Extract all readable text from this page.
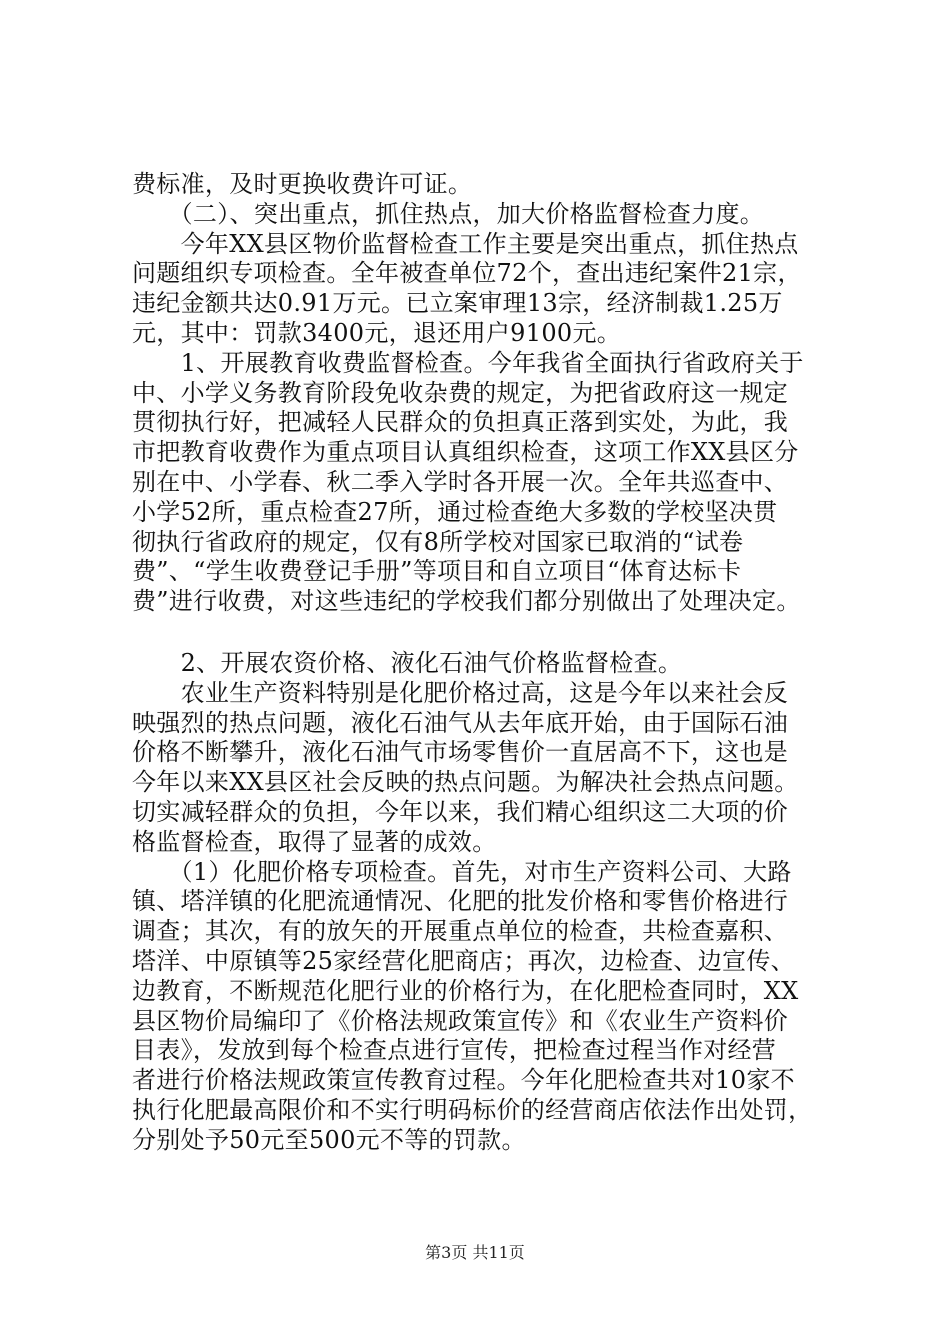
费标准，及时更换收费许可证。
　　（二）、突出重点，抓住热点，加大价格监督检查力度。
　　今年XX县区物价监督检查工作主要是突出重点，抓住热点
问题组织专项检查。全年被查单位72个，查出违纪案件21宗，
违纪金额共达0.91万元。已立案审理13宗，经济制裁1.25万
元，其中：罚款3400元，退还用户9100元。
　　1、开展教育收费监督检查。今年我省全面执行省政府关于
中、小学义务教育阶段免收杂费的规定，为把省政府这一规定
贯彻执行好，把减轻人民群众的负担真正落到实处，为此，我
市把教育收费作为重点项目认真组织检查，这项工作XX县区分
别在中、小学春、秋二季入学时各开展一次。全年共巡查中、
小学52所，重点检查27所，通过检查绝大多数的学校坚决贯
彻执行省政府的规定，仅有8所学校对国家已取消的“试卷
费”、“学生收费登记手册”等项目和自立项目“体育达标卡
费”进行收费，对这些违纪的学校我们都分别做出了处理决定。
　　2、开展农资价格、液化石油气价格监督检查。
　　农业生产资料特别是化肥价格过高，这是今年以来社会反
映强烈的热点问题，液化石油气从去年底开始，由于国际石油
价格不断攀升，液化石油气市场零售价一直居高不下，这也是
今年以来XX县区社会反映的热点问题。为解决社会热点问题。
切实减轻群众的负担，今年以来，我们精心组织这二大项的价
格监督检查，取得了显著的成效。
　　（1）化肥价格专项检查。首先，对市生产资料公司、大路
镇、塔洋镇的化肥流通情况、化肥的批发价格和零售价格进行
调查；其次，有的放矢的开展重点单位的检查，共检查嘉积、
塔洋、中原镇等25家经营化肥商店；再次，边检查、边宣传、
边教育，不断规范化肥行业的价格行为，在化肥检查同时，XX
县区物价局编印了《价格法规政策宣传》和《农业生产资料价
目表》，发放到每个检查点进行宣传，把检查过程当作对经营
者进行价格法规政策宣传教育过程。今年化肥检查共对10家不
执行化肥最高限价和不实行明码标价的经营商店依法作出处罚，
分别处予50元至500元不等的罚款。
第3页 共11页
